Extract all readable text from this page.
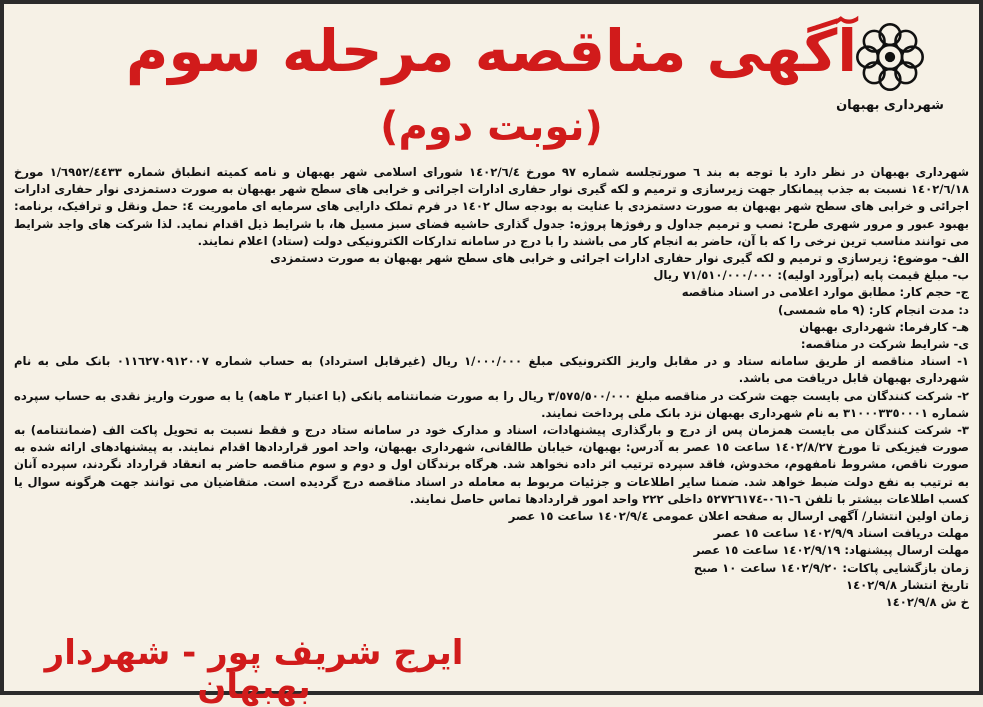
شهرداری بهبهان
آگهی مناقصه مرحله سوم
(نوبت دوم)

شهرداری بهبهان در نظر دارد با توجه به بند ٦ صورتجلسه شماره ٩٧ مورخ ١٤٠٢/٦/٤ شورای اسلامی شهر بهبهان و نامه کمیته انطباق شماره ١/٦٩٥٢/٤٤٣٣ مورخ ١٤٠٢/٦/١٨ نسبت به جذب پیمانکار جهت زیرسازی و ترمیم و لکه گیری نوار حفاری ادارات اجرائی و خرابی های سطح شهر بهبهان به صورت دستمزدی نوار حفاری ادارات اجرائی و خرابی های سطح شهر بهبهان به صورت دستمزدی با عنایت به بودجه سال ١٤٠٢ در فرم تملک دارایی های سرمایه ای ماموریت ٤: حمل ونقل و ترافیک، برنامه: بهبود عبور و مرور شهری طرح: نصب و ترمیم جداول و رفوژها پروژه: جدول گذاری حاشیه فضای سبز مسیل ها، با شرایط ذیل اقدام نماید. لذا شرکت های واجد شرایط می توانند مناسب ترین نرخی را که با آن، حاضر به انجام کار می باشند را با درج در سامانه تدارکات الکترونیکی دولت (ستاد) اعلام نمایند.

الف- موضوع: زیرسازی و ترمیم و لکه گیری نوار حفاری ادارات اجرائی و خرابی های سطح شهر بهبهان به صورت دستمزدی
ب- مبلغ قیمت پایه (برآورد اولیه): ٧١/٥١٠/٠٠٠/٠٠٠ ریال
ج- حجم کار: مطابق موارد اعلامی در اسناد مناقصه
د: مدت انجام کار: (٩ ماه شمسی)
هـ- کارفرما: شهرداری بهبهان
ی- شرایط شرکت در مناقصه:
١- اسناد مناقصه از طریق سامانه ستاد و در مقابل واریز الکترونیکی مبلغ ١/٠٠٠/٠٠٠ ریال (غیرقابل استرداد) به حساب شماره ٠١١٦٢٧٠٩١٢٠٠٧ بانک ملی به نام شهرداری بهبهان قابل دریافت می باشد.
٢- شرکت کنندگان می بایست جهت شرکت در مناقصه مبلغ ٣/٥٧٥/٥٠٠/٠٠٠ ریال را به صورت ضمانتنامه بانکی (با اعتبار ٣ ماهه) یا به صورت واریز نقدی به حساب سپرده شماره ٣١٠٠٠٣٣٥٠٠٠١ به نام شهرداری بهبهان نزد بانک ملی پرداخت نمایند.
٣- شرکت کنندگان می بایست همزمان پس از درج و بارگذاری پیشنهادات، اسناد و مدارک خود در سامانه ستاد درج و فقط نسبت به تحویل پاکت الف (ضمانتنامه) به صورت فیزیکی تا مورخ ١٤٠٢/٨/٢٧ ساعت ١٥ عصر به آدرس: بهبهان، خیابان طالقانی، شهرداری بهبهان، واحد امور قراردادها اقدام نمایند. به پیشنهادهای ارائه شده به صورت ناقص، مشروط نامفهوم، مخدوش، فاقد سپرده ترتیب اثر داده نخواهد شد. هرگاه برندگان اول و دوم و سوم مناقصه حاضر به انعقاد قرارداد نگردند، سپرده آنان به ترتیب به نفع دولت ضبط خواهد شد. ضمنا سایر اطلاعات و جزئیات مربوط به معامله در اسناد مناقصه درج گردیده است. متقاضیان می توانند جهت هرگونه سوال یا کسب اطلاعات بیشتر با تلفن ٦-٠٦١-٥٢٧٢٦١٧٤ داخلی ٢٢٢ واحد امور قراردادها تماس حاصل نمایند.
زمان اولین انتشار/ آگهی ارسال به صفحه اعلان عمومی ١٤٠٢/٩/٤ ساعت ١٥ عصر
مهلت دریافت اسناد ١٤٠٢/٩/٩ ساعت ١٥ عصر
مهلت ارسال پیشنهاد: ١٤٠٢/٩/١٩ ساعت ١٥ عصر
زمان بازگشایی پاکات: ١٤٠٢/٩/٢٠ ساعت ١٠ صبح
تاریخ انتشار ١٤٠٢/٩/٨
خ ش ١٤٠٢/٩/٨
ایرج شریف پور - شهردار بهبهان
